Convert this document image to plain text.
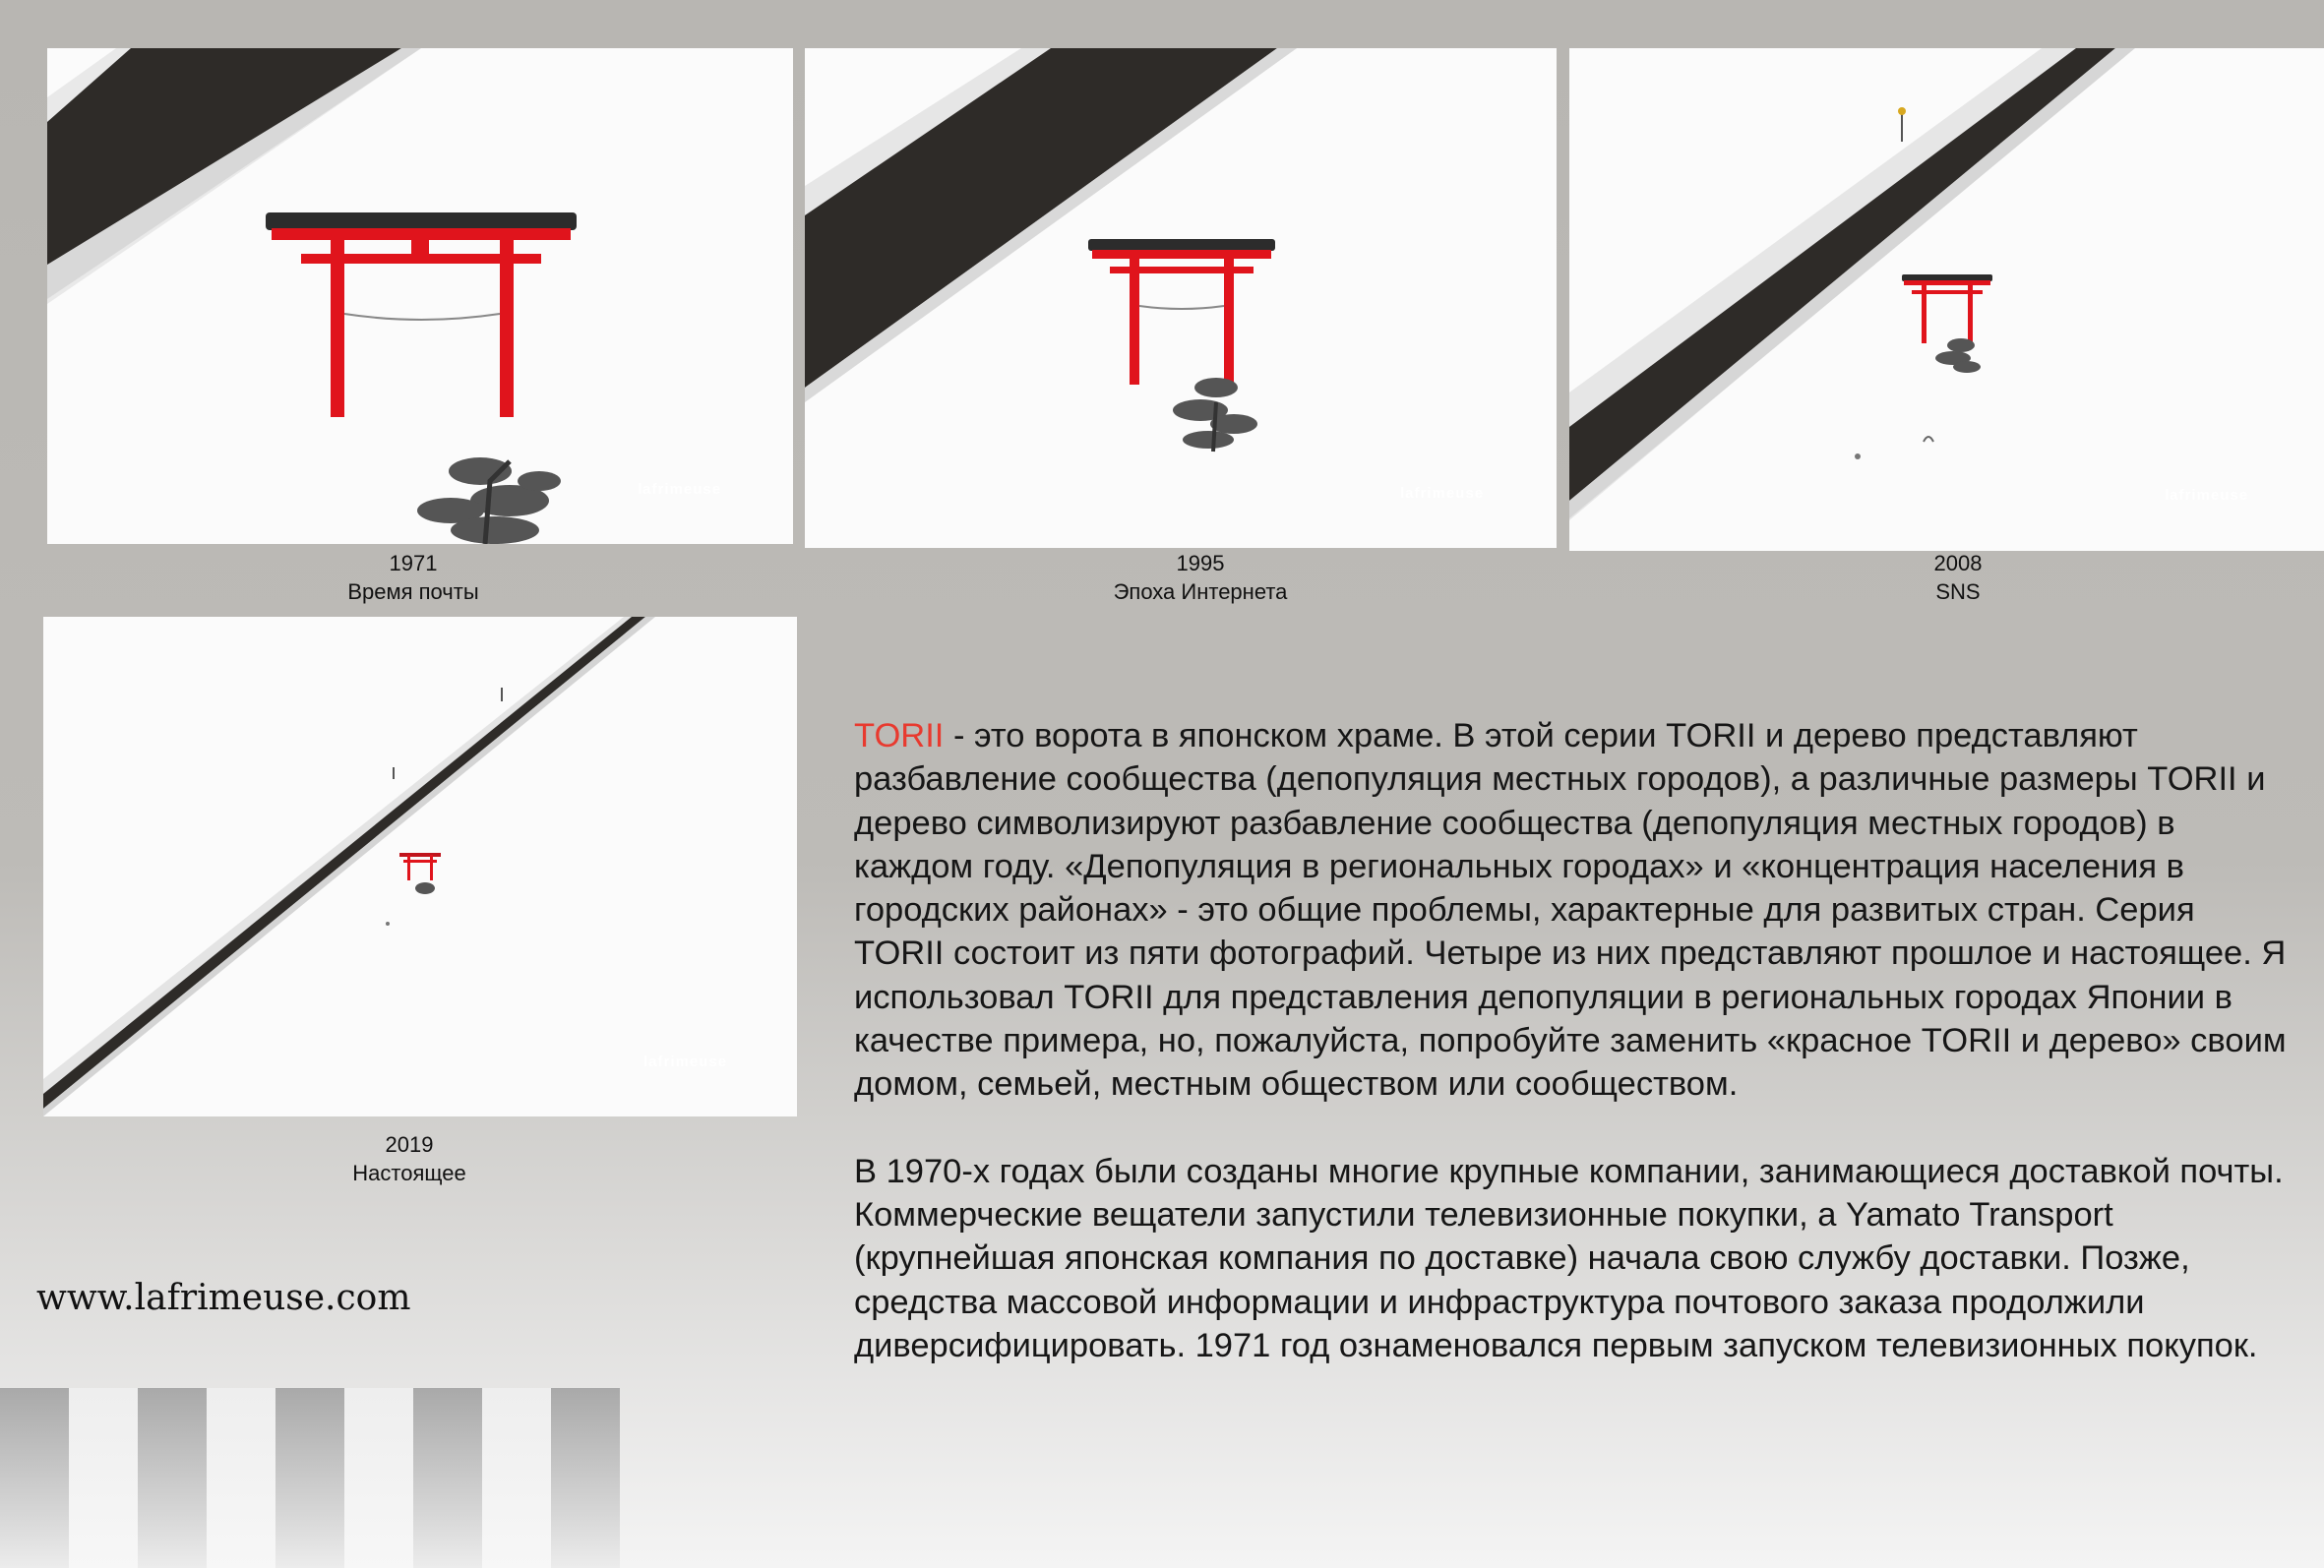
lafrimeuse
1971
Время почты
lafrimeuse
1995
Эпоха Интернета
lafrimeuse
2008
SNS
lafrimeuse
2019
Настоящее

TORII - это ворота в японском храме. В этой серии TORII и дерево представляют разбавление сообщества (депопуляция местных городов), а различные размеры TORII и дерево символизируют разбавление сообщества (депопуляция местных городов) в каждом году. «Депопуляция в региональных городах» и «концентрация населения в городских районах» - это общие проблемы, характерные для развитых стран. Серия TORII состоит из пяти фотографий. Четыре из них представляют прошлое и настоящее. Я использовал TORII для представления депопуляции в региональных городах Японии в качестве примера, но, пожалуйста, попробуйте заменить «красное TORII и дерево» своим домом, семьей, местным обществом или сообществом.

В 1970-х годах были созданы многие крупные компании, занимающиеся доставкой почты. Коммерческие вещатели запустили телевизионные покупки, а Yamato Transport (крупнейшая японская компания по доставке) начала свою службу доставки. Позже, средства массовой информации и инфраструктура почтового заказа продолжили диверсифицировать. 1971 год ознаменовался первым запуском телевизионных покупок.

www.lafrimeuse.com
